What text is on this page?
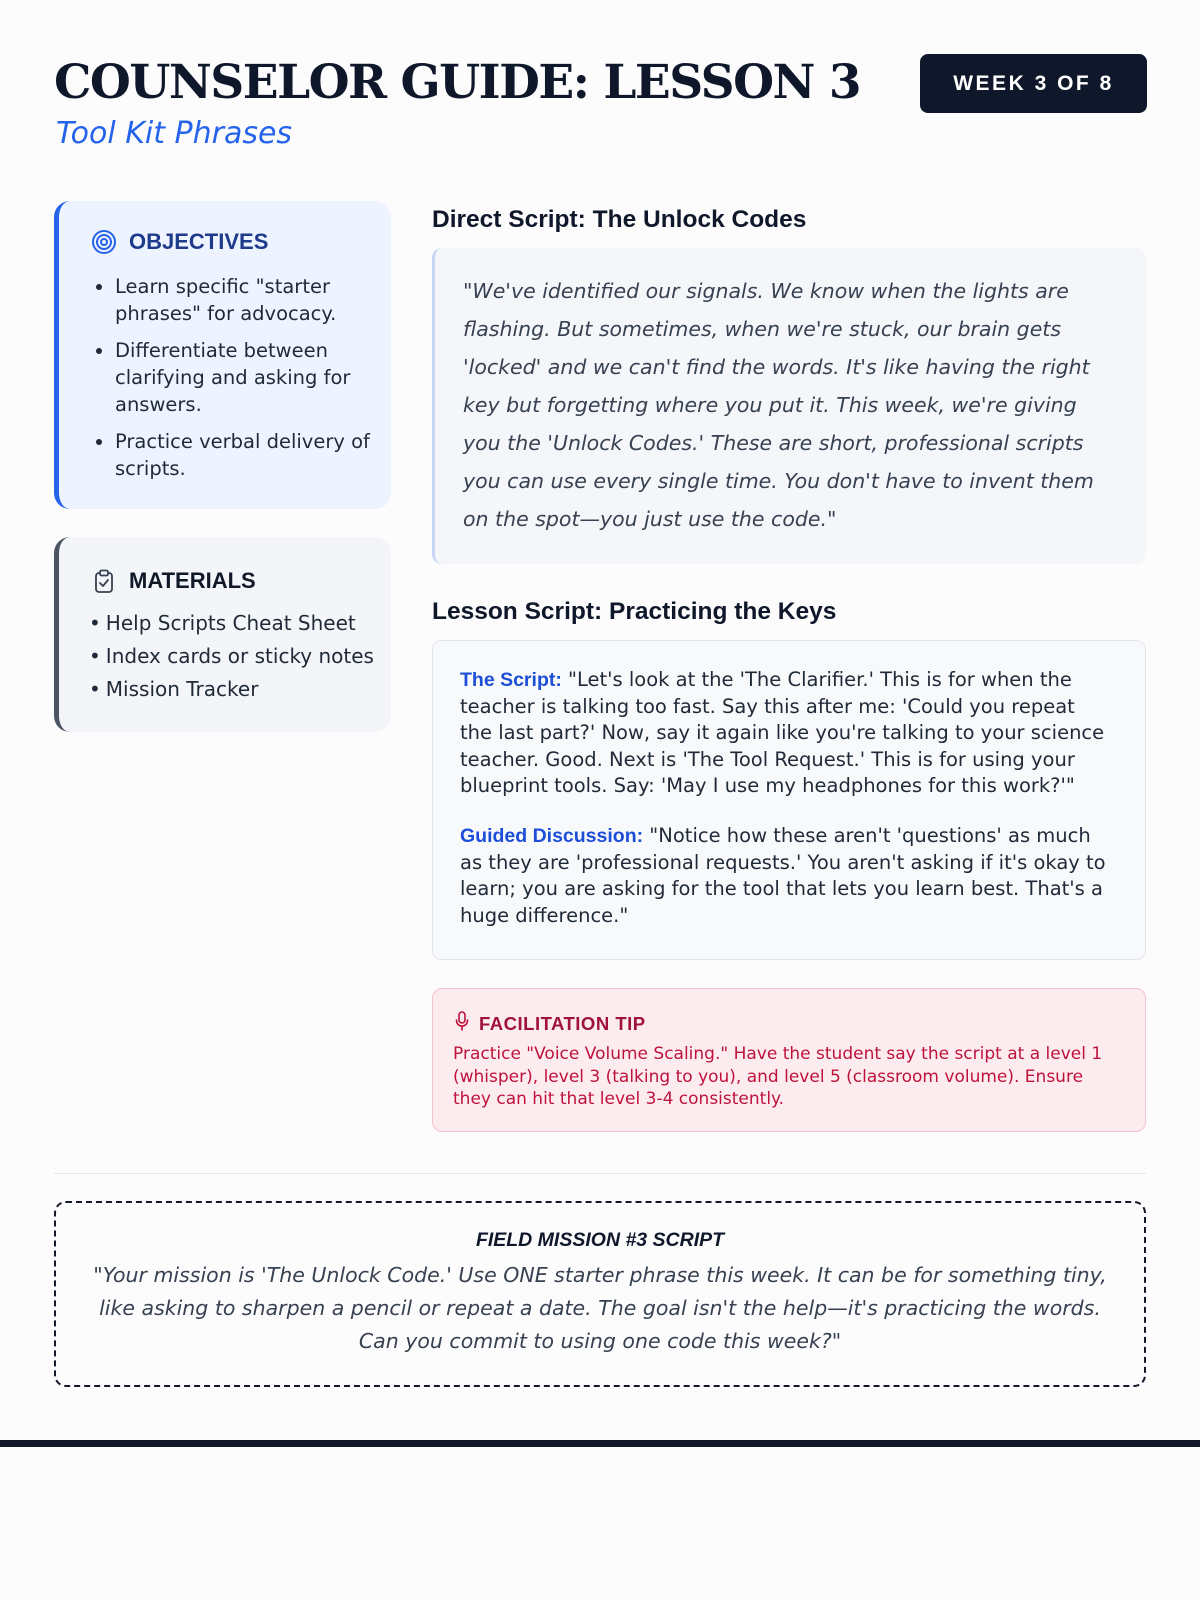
COUNSELOR GUIDE: LESSON 3
Tool Kit Phrases
WEEK 3 OF 8
OBJECTIVES
• Learn specific "starter phrases" for advocacy.
• Differentiate between clarifying and asking for answers.
• Practice verbal delivery of scripts.
MATERIALS
• Help Scripts Cheat Sheet
• Index cards or sticky notes
• Mission Tracker
Direct Script: The Unlock Codes

"We've identified our signals. We know when the lights are flashing. But sometimes, when we're stuck, our brain gets 'locked' and we can't find the words. It's like having the right key but forgetting where you put it. This week, we're giving you the 'Unlock Codes.' These are short, professional scripts you can use every single time. You don't have to invent them on the spot—you just use the code."

Lesson Script: Practicing the Keys

The Script: "Let's look at the 'The Clarifier.' This is for when the teacher is talking too fast. Say this after me: 'Could you repeat the last part?' Now, say it again like you're talking to your science teacher. Good. Next is 'The Tool Request.' This is for using your blueprint tools. Say: 'May I use my headphones for this work?'"

Guided Discussion: "Notice how these aren't 'questions' as much as they are 'professional requests.' You aren't asking if it's okay to learn; you are asking for the tool that lets you learn best. That's a huge difference."

FACILITATION TIP

Practice "Voice Volume Scaling." Have the student say the script at a level 1 (whisper), level 3 (talking to you), and level 5 (classroom volume). Ensure they can hit that level 3-4 consistently.

FIELD MISSION #3 SCRIPT

"Your mission is 'The Unlock Code.' Use ONE starter phrase this week. It can be for something tiny, like asking to sharpen a pencil or repeat a date. The goal isn't the help—it's practicing the words. Can you commit to using one code this week?"
